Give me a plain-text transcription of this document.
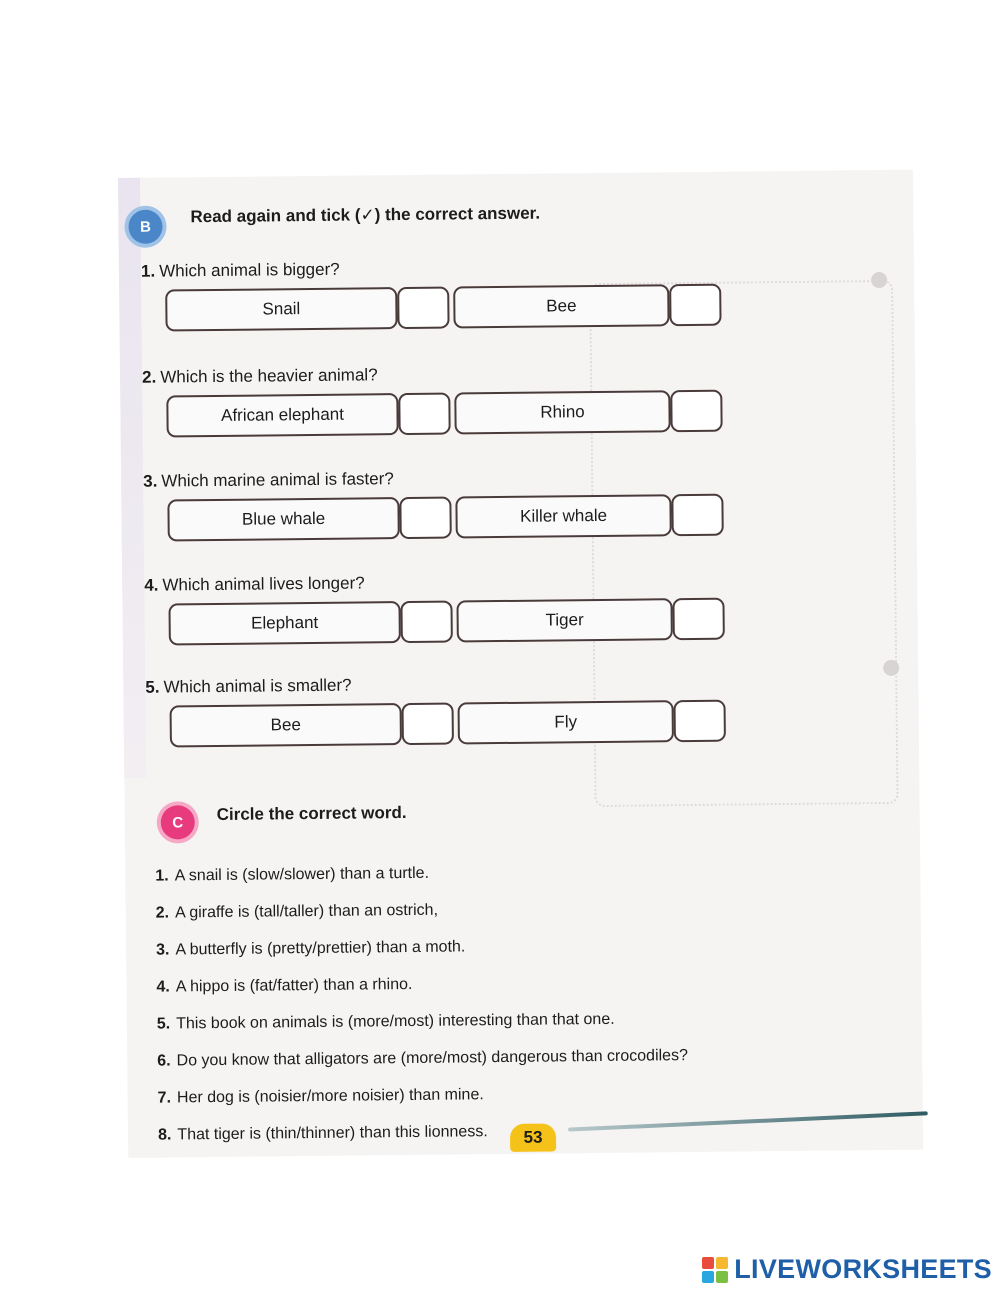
B
Read again and tick (✓) the correct answer.
1. Which animal is bigger?
Snail	Bee
2. Which is the heavier animal?
African elephant	Rhino
3. Which marine animal is faster?
Blue whale	Killer whale
4. Which animal lives longer?
Elephant	Tiger
5. Which animal is smaller?
Bee	Fly
C	Circle the correct word.
1. A snail is (slow/slower) than a turtle.
2. A giraffe is (tall/taller) than an ostrich,
3. A butterfly is (pretty/prettier) than a moth.
4. A hippo is (fat/fatter) than a rhino.
5. This book on animals is (more/most) interesting than that one.
6. Do you know that alligators are (more/most) dangerous than crocodiles?
7. Her dog is (noisier/more noisier) than mine.
8. That tiger is (thin/thinner) than this lionness.	53
LIVEWORKSHEETS
